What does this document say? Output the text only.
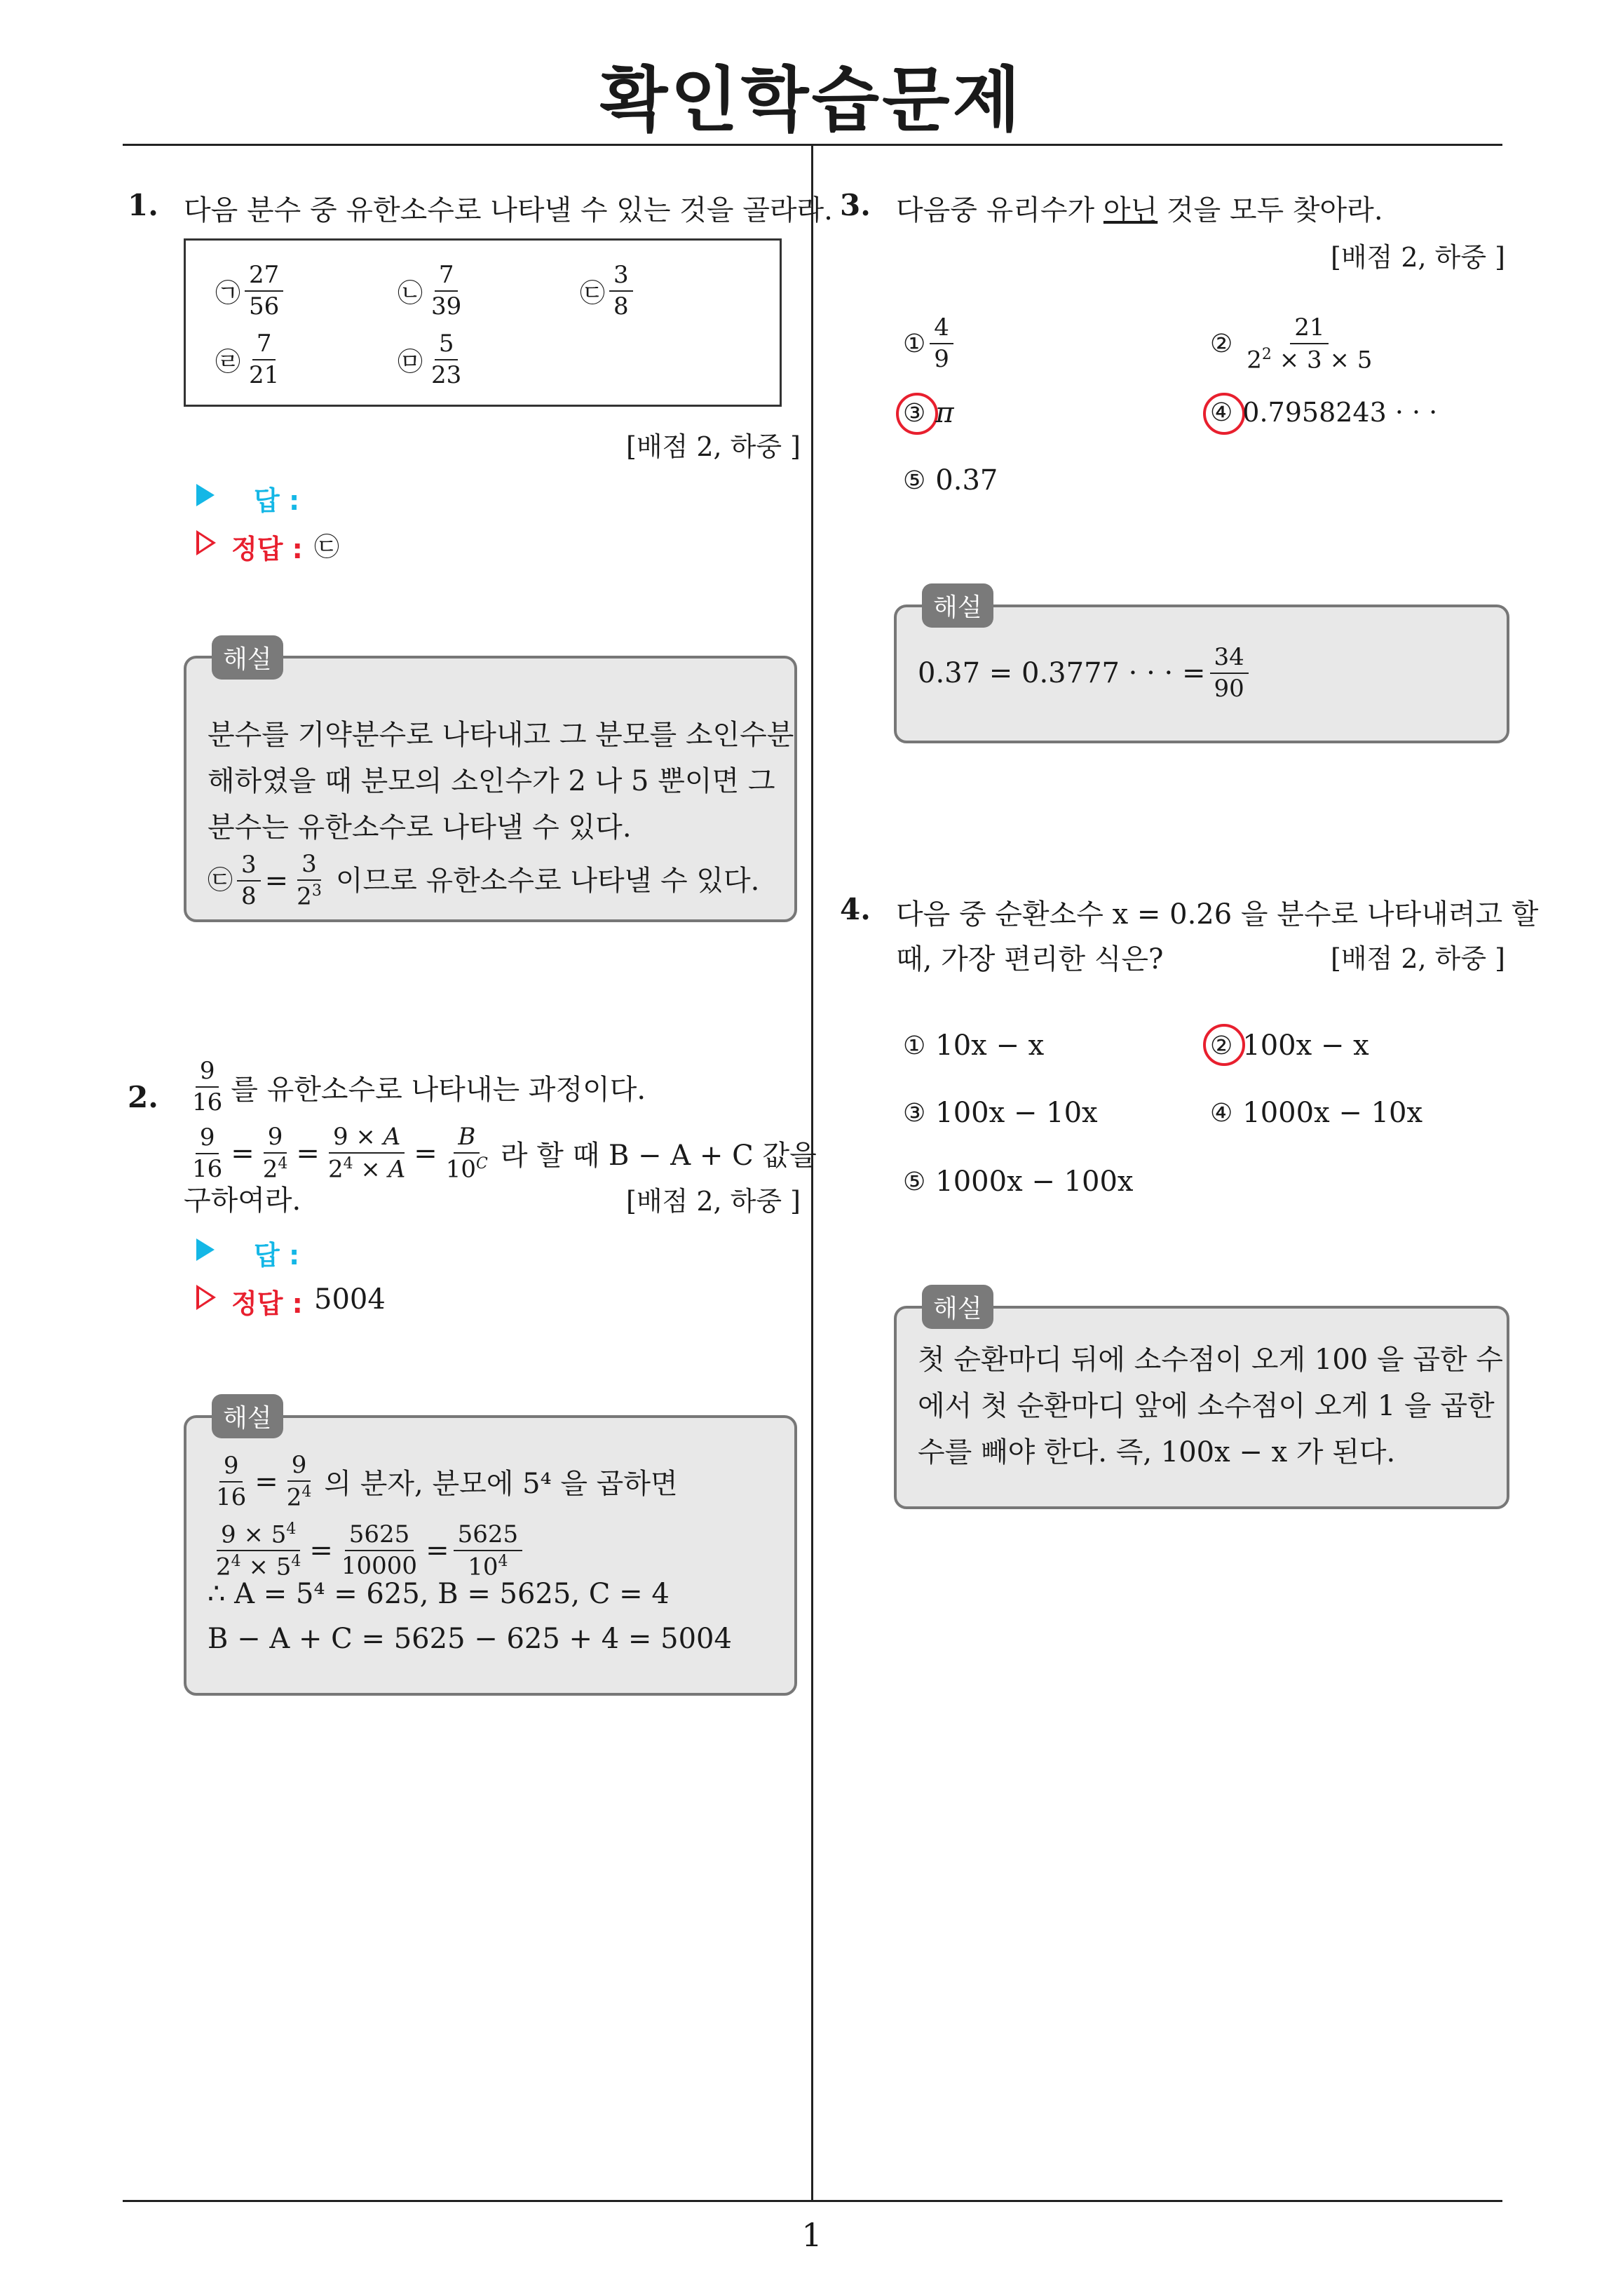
확인학습문제
1
1. 다음 분수 중 유한소수로 나타낼 수 있는 것을 골라라.
㉠ $\frac{27}{56}$	㉡ $\frac{7}{39}$	㉢ $\frac{3}{8}$
㉣ $\frac{7}{21}$	㉤ $\frac{5}{23}$
[배점 2, 하중 ]
답 :
정답 : ㉢
분수를 기약분수로 나타내고 그 분모를 소인수분
해하였을 때 분모의 소인수가 2 나 5 뿐이면 그
분수는 유한소수로 나타낼 수 있다.
㉢ $\frac{3}{8} = \frac{3}{2^3}$ 이므로 유한소수로 나타낼 수 있다.
해설
2. $\frac{9}{16}$ 를 유한소수로 나타내는 과정이다.
$\frac{9}{16} = \frac{9}{2^4} = \frac{9 \times A}{2^4 \times A} = \frac{B}{10^C}$ 라 할 때 B − A + C 값을
구하여라.	[배점 2, 하중 ]
답 :
정답 : 5004
$\frac{9}{16} = \frac{9}{2^4}$ 의 분자, 분모에 5⁴ 을 곱하면
$\frac{9 \times 5^4}{2^4 \times 5^4} = \frac{5625}{10000} = \frac{5625}{10^4}$
∴ A = 5⁴ = 625, B = 5625, C = 4
B − A + C = 5625 − 625 + 4 = 5004
해설
3. 다음중 유리수가 아닌 것을 모두 찾아라.
[배점 2, 하중 ]
① $\frac{4}{9}$	② $\frac{21}{2^2 \times 3 \times 5}$
③ π	④ 0.7958243 · · ·
⑤ 0.37
0.37 = 0.3777 · · · = $\frac{34}{90}$
해설
4. 다음 중 순환소수 x = 0.26 을 분수로 나타내려고 할
때, 가장 편리한 식은?	[배점 2, 하중 ]
① 10x − x	② 100x − x
③ 100x − 10x	④ 1000x − 10x
⑤ 1000x − 100x
첫 순환마디 뒤에 소수점이 오게 100 을 곱한 수
에서 첫 순환마디 앞에 소수점이 오게 1 을 곱한
수를 빼야 한다. 즉, 100x − x 가 된다.
해설
